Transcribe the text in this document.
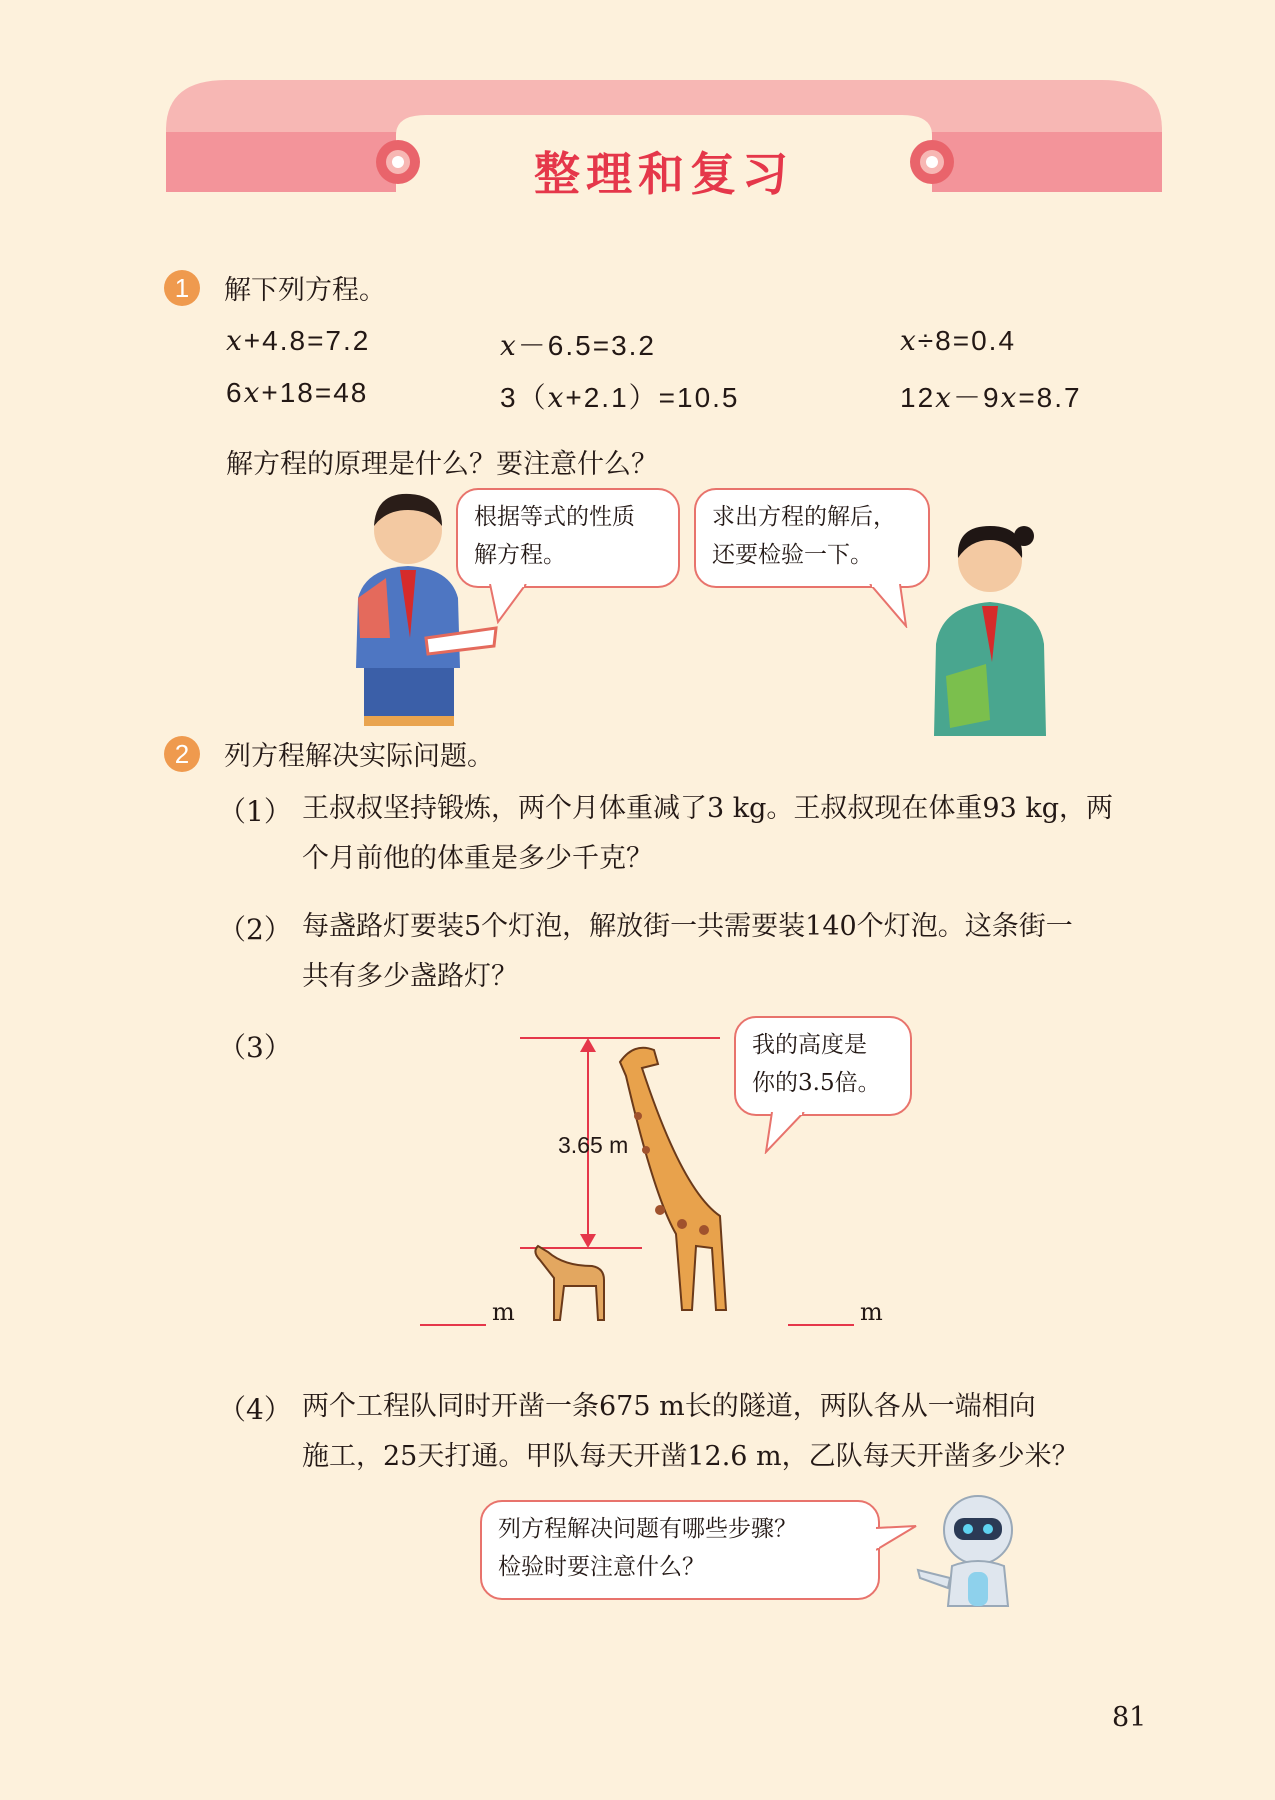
整理和复习
1	解下列方程。
x+4.8=7.2	x－6.5=3.2	x÷8=0.4
6x+18=48	3（x+2.1）=10.5	12x－9x=8.7
解方程的原理是什么？要注意什么？
根据等式的性质
解方程。
求出方程的解后，
还要检验一下。
2	列方程解决实际问题。
（1） 王叔叔坚持锻炼，两个月体重减了3 kg。王叔叔现在体重93 kg，两
个月前他的体重是多少千克？
（2） 每盏路灯要装5个灯泡，解放街一共需要装140个灯泡。这条街一
共有多少盏路灯？
（3）
3.65 m
我的高度是
你的3.5倍。
m	m
（4） 两个工程队同时开凿一条675 m长的隧道，两队各从一端相向
施工，25天打通。甲队每天开凿12.6 m，乙队每天开凿多少米？
列方程解决问题有哪些步骤？
检验时要注意什么？
81
